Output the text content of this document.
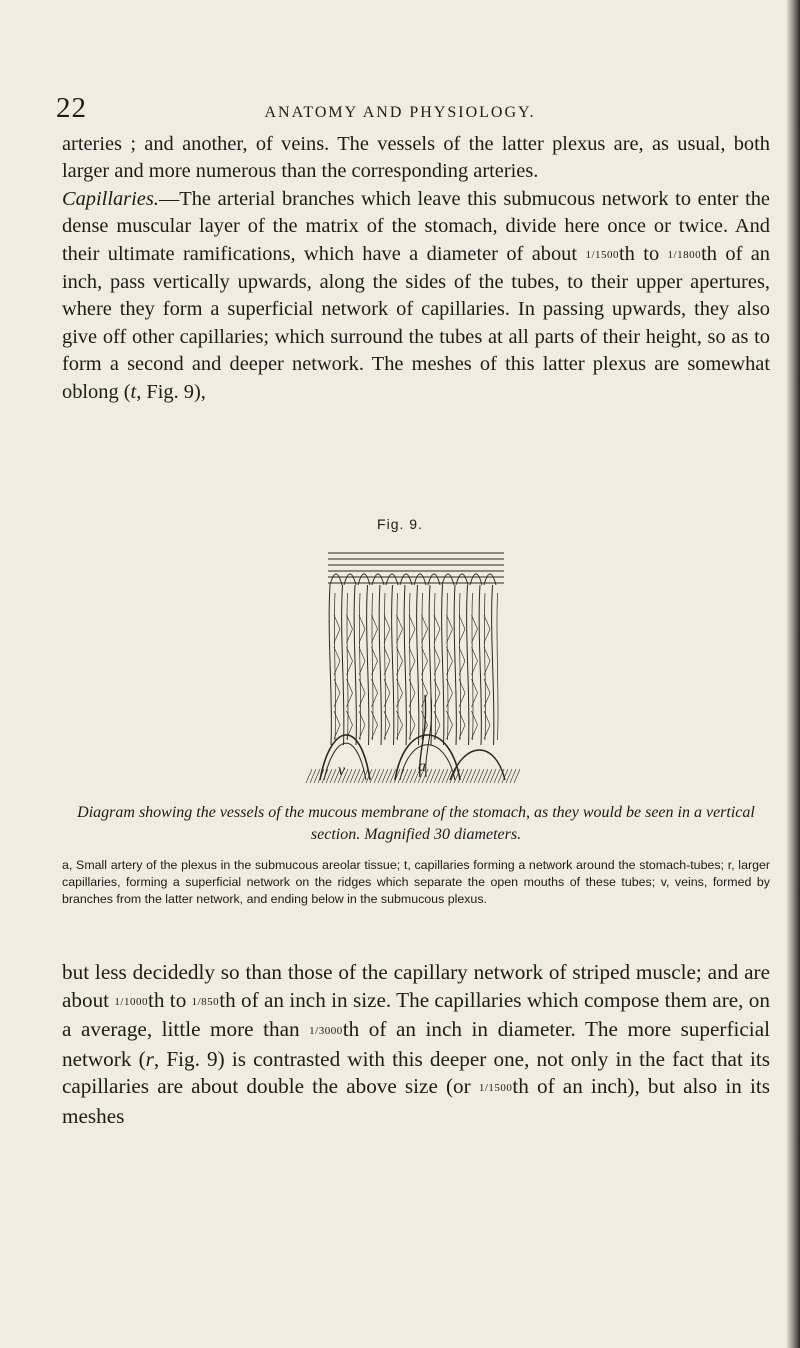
22	ANATOMY AND PHYSIOLOGY.

arteries ; and another, of veins. The vessels of the latter plexus are, as usual, both larger and more numerous than the corresponding arteries.

Capillaries.—The arterial branches which leave this submucous network to enter the dense muscular layer of the matrix of the stomach, divide here once or twice. And their ultimate ramifications, which have a diameter of about 1/1500th to 1/1800th of an inch, pass vertically upwards, along the sides of the tubes, to their upper apertures, where they form a superficial network of capillaries. In passing upwards, they also give off other capillaries; which surround the tubes at all parts of their height, so as to form a second and deeper network. The meshes of this latter plexus are somewhat oblong (t, Fig. 9),

Fig. 9.
v	a
Diagram showing the vessels of the mucous membrane of the stomach, as they would be seen in a vertical section. Magnified 30 diameters.
a, Small artery of the plexus in the submucous areolar tissue; t, capillaries forming a network around the stomach-tubes; r, larger capillaries, forming a superficial network on the ridges which separate the open mouths of these tubes; v, veins, formed by branches from the latter network, and ending below in the submucous plexus.

but less decidedly so than those of the capillary network of striped muscle; and are about 1/1000th to 1/850th of an inch in size. The capillaries which compose them are, on a average, little more than 1/3000th of an inch in diameter. The more superficial network (r, Fig. 9) is contrasted with this deeper one, not only in the fact that its capillaries are about double the above size (or 1/1500th of an inch), but also in its meshes
